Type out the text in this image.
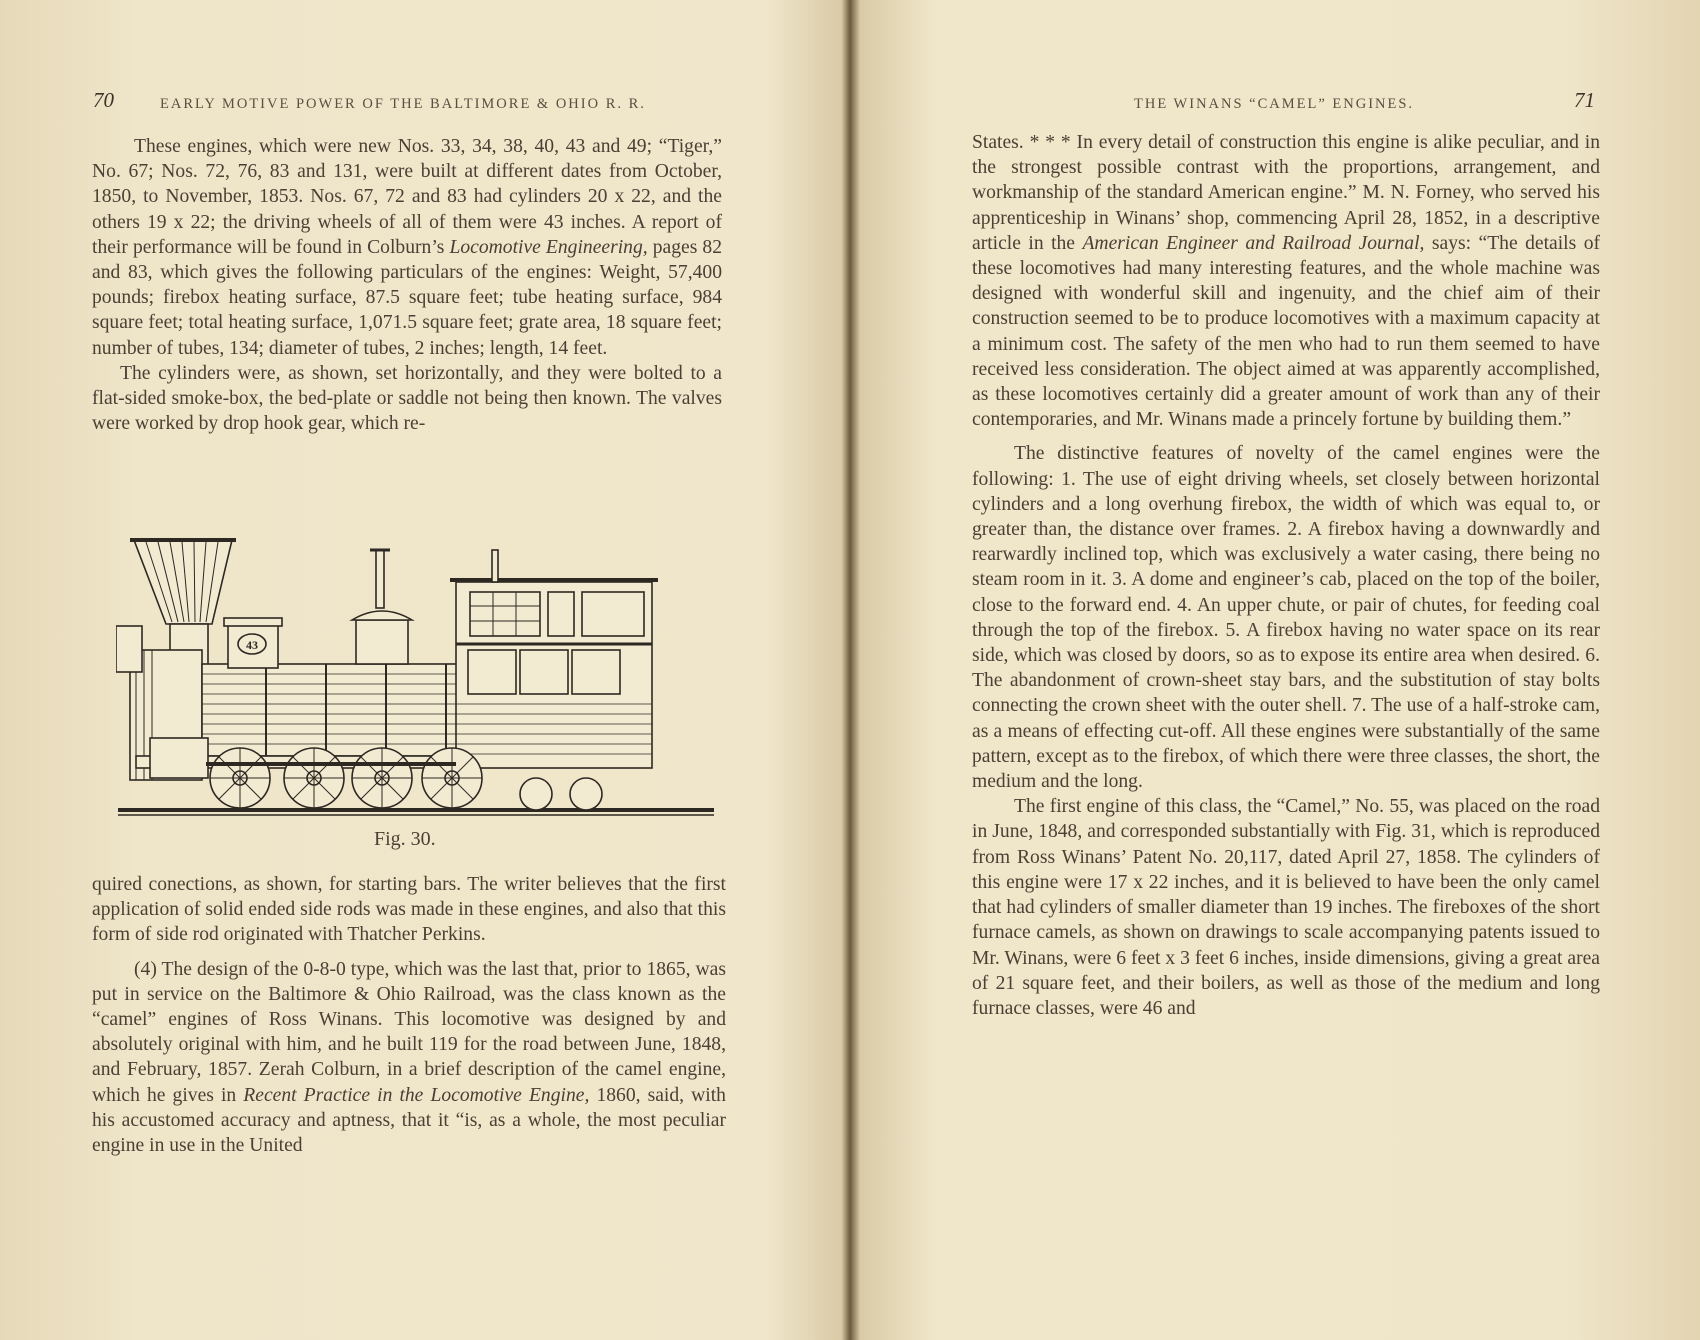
70	EARLY MOTIVE POWER OF THE BALTIMORE & OHIO R. R.

These engines, which were new Nos. 33, 34, 38, 40, 43 and 49; “Tiger,” No. 67; Nos. 72, 76, 83 and 131, were built at different dates from October, 1850, to November, 1853. Nos. 67, 72 and 83 had cylinders 20 x 22, and the others 19 x 22; the driving wheels of all of them were 43 inches. A report of their performance will be found in Colburn’s Locomotive Engineering, pages 82 and 83, which gives the following particulars of the engines: Weight, 57,400 pounds; firebox heating surface, 87.5 square feet; tube heating surface, 984 square feet; total heating surface, 1,071.5 square feet; grate area, 18 square feet; number of tubes, 134; diameter of tubes, 2 inches; length, 14 feet.

The cylinders were, as shown, set horizontally, and they were bolted to a flat-sided smoke-box, the bed-plate or saddle not being then known. The valves were worked by drop hook gear, which re-

43
Fig. 30.

quired conections, as shown, for starting bars. The writer believes that the first application of solid ended side rods was made in these engines, and also that this form of side rod originated with Thatcher Perkins.

(4) The design of the 0-8-0 type, which was the last that, prior to 1865, was put in service on the Baltimore & Ohio Railroad, was the class known as the “camel” engines of Ross Winans. This locomotive was designed by and absolutely original with him, and he built 119 for the road between June, 1848, and February, 1857. Zerah Colburn, in a brief description of the camel engine, which he gives in Recent Practice in the Locomotive Engine, 1860, said, with his accustomed accuracy and aptness, that it “is, as a whole, the most peculiar engine in use in the United

THE WINANS “CAMEL” ENGINES.	71

States. * * * In every detail of construction this engine is alike peculiar, and in the strongest possible contrast with the proportions, arrangement, and workmanship of the standard American engine.” M. N. Forney, who served his apprenticeship in Winans’ shop, commencing April 28, 1852, in a descriptive article in the American Engineer and Railroad Journal, says: “The details of these locomotives had many interesting features, and the whole machine was designed with wonderful skill and ingenuity, and the chief aim of their construction seemed to be to produce locomotives with a maximum capacity at a minimum cost. The safety of the men who had to run them seemed to have received less consideration. The object aimed at was apparently accomplished, as these locomotives certainly did a greater amount of work than any of their contemporaries, and Mr. Winans made a princely fortune by building them.”

The distinctive features of novelty of the camel engines were the following: 1. The use of eight driving wheels, set closely between horizontal cylinders and a long overhung firebox, the width of which was equal to, or greater than, the distance over frames. 2. A firebox having a downwardly and rearwardly inclined top, which was exclusively a water casing, there being no steam room in it. 3. A dome and engineer’s cab, placed on the top of the boiler, close to the forward end. 4. An upper chute, or pair of chutes, for feeding coal through the top of the firebox. 5. A firebox having no water space on its rear side, which was closed by doors, so as to expose its entire area when desired. 6. The abandonment of crown-sheet stay bars, and the substitution of stay bolts connecting the crown sheet with the outer shell. 7. The use of a half-stroke cam, as a means of effecting cut-off. All these engines were substantially of the same pattern, except as to the firebox, of which there were three classes, the short, the medium and the long.

The first engine of this class, the “Camel,” No. 55, was placed on the road in June, 1848, and corresponded substantially with Fig. 31, which is reproduced from Ross Winans’ Patent No. 20,117, dated April 27, 1858. The cylinders of this engine were 17 x 22 inches, and it is believed to have been the only camel that had cylinders of smaller diameter than 19 inches. The fireboxes of the short furnace camels, as shown on drawings to scale accompanying patents issued to Mr. Winans, were 6 feet x 3 feet 6 inches, inside dimensions, giving a great area of 21 square feet, and their boilers, as well as those of the medium and long furnace classes, were 46 and
